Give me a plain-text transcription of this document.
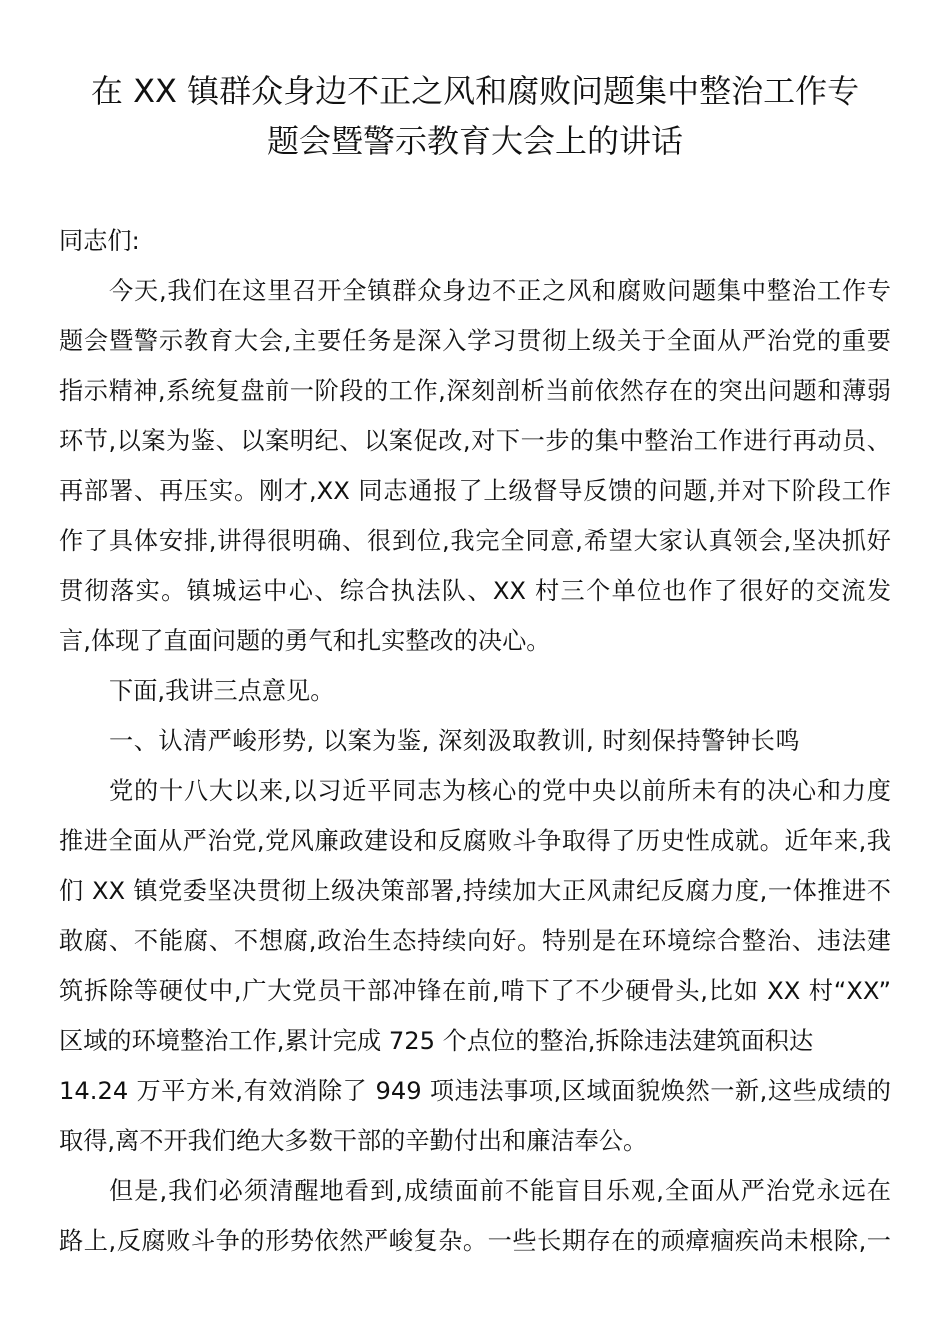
在 XX 镇群众身边不正之风和腐败问题集中整治工作专
题会暨警示教育大会上的讲话
同志们:
今天,我们在这里召开全镇群众身边不正之风和腐败问题集中整治工作专
题会暨警示教育大会,主要任务是深入学习贯彻上级关于全面从严治党的重要
指示精神,系统复盘前一阶段的工作,深刻剖析当前依然存在的突出问题和薄弱
环节,以案为鉴、以案明纪、以案促改,对下一步的集中整治工作进行再动员、
再部署、再压实。刚才,XX 同志通报了上级督导反馈的问题,并对下阶段工作
作了具体安排,讲得很明确、很到位,我完全同意,希望大家认真领会,坚决抓好
贯彻落实。镇城运中心、综合执法队、XX 村三个单位也作了很好的交流发
言,体现了直面问题的勇气和扎实整改的决心。
下面,我讲三点意见。
一、认清严峻形势, 以案为鉴, 深刻汲取教训, 时刻保持警钟长鸣
党的十八大以来,以习近平同志为核心的党中央以前所未有的决心和力度
推进全面从严治党,党风廉政建设和反腐败斗争取得了历史性成就。近年来,我
们 XX 镇党委坚决贯彻上级决策部署,持续加大正风肃纪反腐力度,一体推进不
敢腐、不能腐、不想腐,政治生态持续向好。特别是在环境综合整治、违法建
筑拆除等硬仗中,广大党员干部冲锋在前,啃下了不少硬骨头,比如 XX 村“XX”
区域的环境整治工作,累计完成 725 个点位的整治,拆除违法建筑面积达
14.24 万平方米,有效消除了 949 项违法事项,区域面貌焕然一新,这些成绩的
取得,离不开我们绝大多数干部的辛勤付出和廉洁奉公。
但是,我们必须清醒地看到,成绩面前不能盲目乐观,全面从严治党永远在
路上,反腐败斗争的形势依然严峻复杂。一些长期存在的顽瘴痼疾尚未根除,一
